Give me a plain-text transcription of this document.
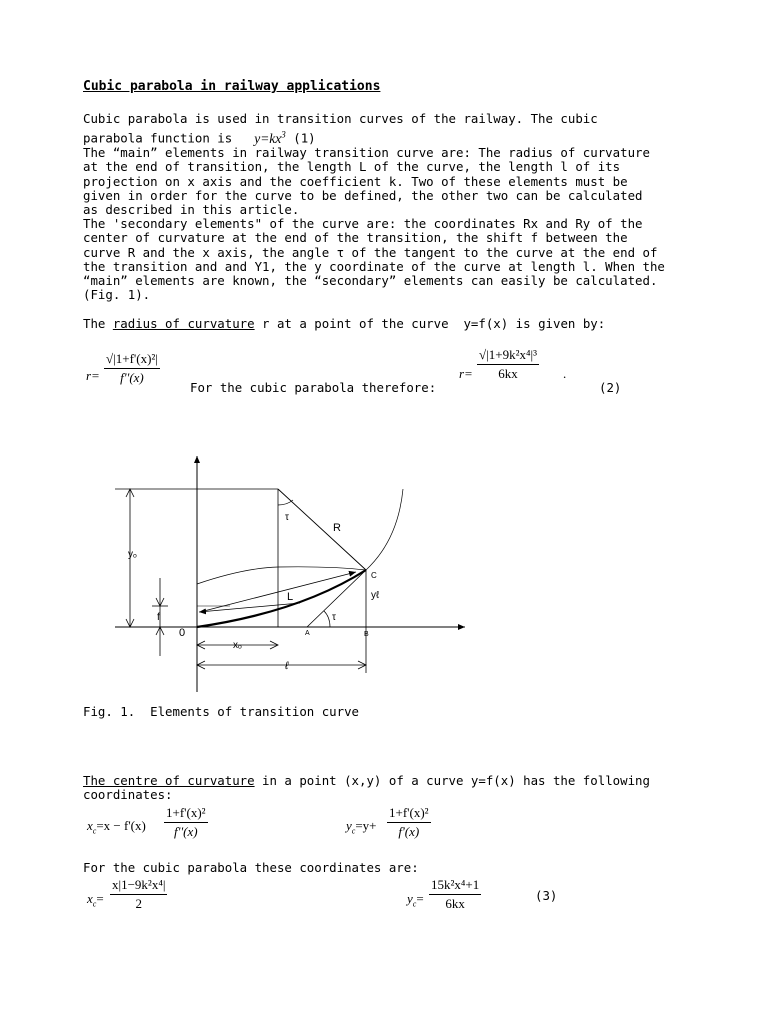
Cubic parabola in railway applications
Cubic parabola is used in transition curves of the railway. The cubic
parabola function is $y=kx^3$ (1)
The “main” elements in railway transition curve are: The radius of curvature
at the end of transition, the length L of the curve, the length l of its
projection on x axis and the coefficient k. Two of these elements must be
given in order for the curve to be defined, the other two can be calculated
as described in this article.
The 'secondary elements" of the curve are: the coordinates Rx and Ry of the
center of curvature at the end of the transition, the shift f between the
curve R and the x axis, the angle τ of the tangent to the curve at the end of
the transition and and Y1, the y coordinate of the curve at length l. When the
“main” elements are known, the “secondary” elements can easily be calculated.
(Fig. 1).
The radius of curvature r at a point of the curve  y=f(x) is given by:
r=
√|1+f'(x)²|
f''(x)
For the cubic parabola therefore:
r=
√|1+9k²x⁴|³
6kx	.
(2)
0
τ
R
C
yℓ
L
τ
A	B
f
yₒ
xₒ
ℓ
Fig. 1.  Elements of transition curve
The centre of curvature in a point (x,y) of a curve y=f(x) has the following
coordinates:
$x_c=x - f'(x)$
1+f'(x)²
f''(x)	$y_c=y+$
1+f'(x)²
f'(x)
For the cubic parabola these coordinates are:
$x_c=$
x|1−9k²x⁴|
2	$y_c=$
15k²x⁴+1
6kx
(3)
